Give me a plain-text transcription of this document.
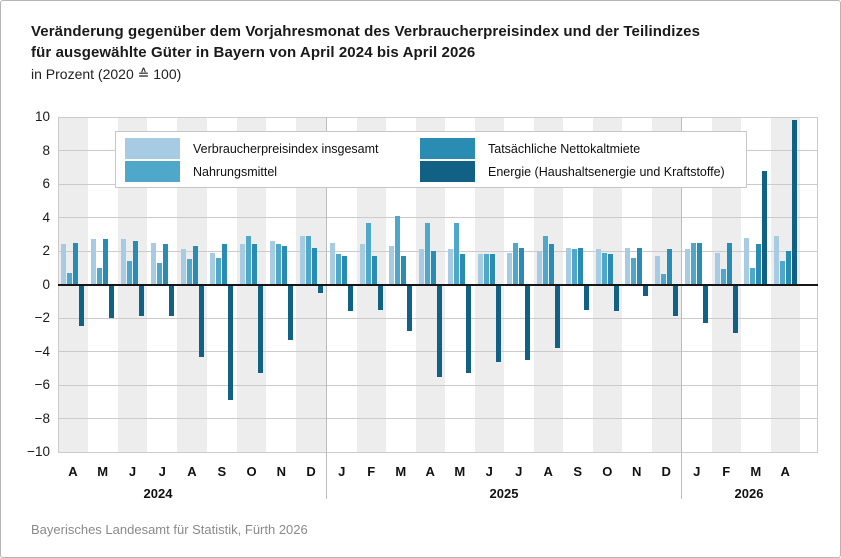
Veränderung gegenüber dem Vorjahresmonat des Verbraucherpreisindex und der Teilindizes
für ausgewählte Güter in Bayern von April 2024 bis April 2026
in Prozent (2020 ≙ 100)
Verbraucherpreisindex insgesamt
Nahrungsmittel
Tatsächliche Nettokaltmiete
Energie (Haushaltsenergie und Kraftstoffe)
10
8
6
4
2
0
−2
−4
−6
−8
−10
A	M	J	J	A	S	O	N	D	J	F	M	A	M	J	J	A	S	O	N	D	J	F	M	A
2024	2025	2026
Bayerisches Landesamt für Statistik, Fürth 2026
